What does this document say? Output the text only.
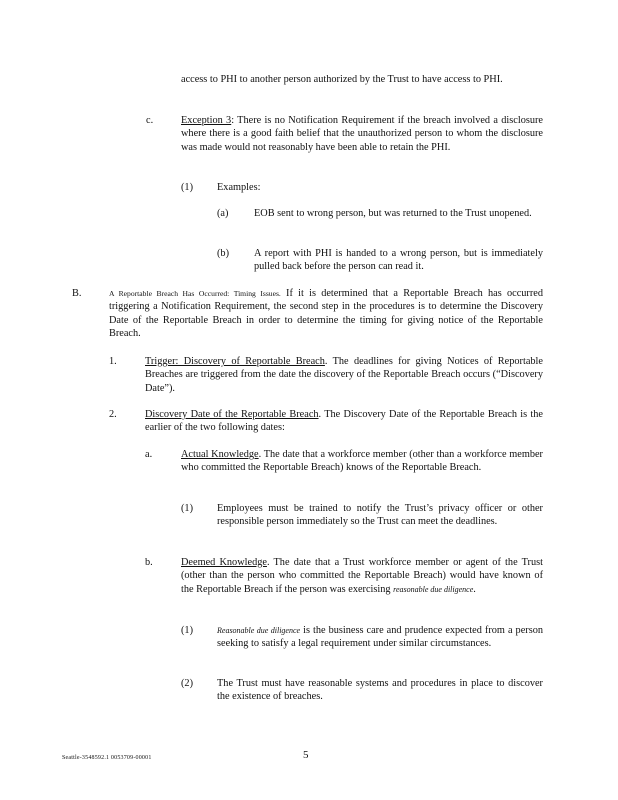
access to PHI to another person authorized by the Trust to have access to PHI.
c.	Exception 3: There is no Notification Requirement if the breach involved a disclosure where there is a good faith belief that the unauthorized person to whom the disclosure was made would not reasonably have been able to retain the PHI.
(1) Examples:
(a) EOB sent to wrong person, but was returned to the Trust unopened.
(b) A report with PHI is handed to a wrong person, but is immediately pulled back before the person can read it.
B.	A Reportable Breach Has Occurred: Timing Issues. If it is determined that a Reportable Breach has occurred triggering a Notification Requirement, the second step in the procedures is to determine the Discovery Date of the Reportable Breach in order to determine the timing for giving notice of the Reportable Breach.
1.	Trigger: Discovery of Reportable Breach. The deadlines for giving Notices of Reportable Breaches are triggered from the date the discovery of the Reportable Breach occurs (“Discovery Date”).
2.	Discovery Date of the Reportable Breach. The Discovery Date of the Reportable Breach is the earlier of the two following dates:
a.	Actual Knowledge. The date that a workforce member (other than a workforce member who committed the Reportable Breach) knows of the Reportable Breach.
(1) Employees must be trained to notify the Trust’s privacy officer or other responsible person immediately so the Trust can meet the deadlines.
b.	Deemed Knowledge. The date that a Trust workforce member or agent of the Trust (other than the person who committed the Reportable Breach) would have known of the Reportable Breach if the person was exercising reasonable due diligence.
(1)	Reasonable due diligence is the business care and prudence expected from a person seeking to satisfy a legal requirement under similar circumstances.
(2) The Trust must have reasonable systems and procedures in place to discover the existence of breaches.
Seattle-3548592.1 0053709-00001	5
